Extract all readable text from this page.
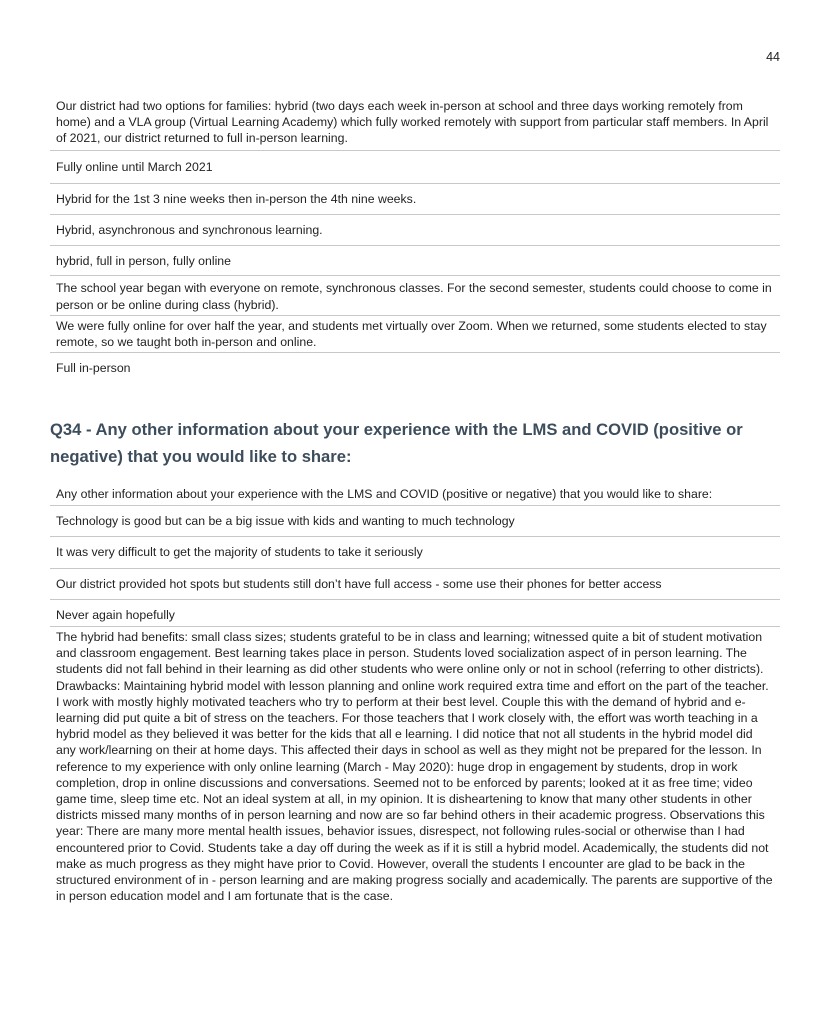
44
Our district had two options for families: hybrid (two days each week in-person at school and three days working remotely from home) and a VLA group (Virtual Learning Academy) which fully worked remotely with support from particular staff members. In April of 2021, our district returned to full in-person learning.
Fully online until March 2021
Hybrid for the 1st 3 nine weeks then in-person the 4th nine weeks.
Hybrid, asynchronous and synchronous learning.
hybrid, full in person, fully online
The school year began with everyone on remote, synchronous classes. For the second semester, students could choose to come in person or be online during class (hybrid).
We were fully online for over half the year, and students met virtually over Zoom. When we returned, some students elected to stay remote, so we taught both in-person and online.
Full in-person
Q34 - Any other information about your experience with the LMS and COVID (positive or negative) that you would like to share:
Any other information about your experience with the LMS and COVID (positive or negative) that you would like to share:
Technology is good but can be a big issue with kids and wanting to much technology
It was very difficult to get the majority of students to take it seriously
Our district provided hot spots but students still don’t have full access - some use their phones for better access
Never again hopefully
The hybrid had benefits: small class sizes; students grateful to be in class and learning; witnessed quite a bit of student motivation and classroom engagement. Best learning takes place in person. Students loved socialization aspect of in person learning. The students did not fall behind in their learning as did other students who were online only or not in school (referring to other districts). Drawbacks: Maintaining hybrid model with lesson planning and online work required extra time and effort on the part of the teacher. I work with mostly highly motivated teachers who try to perform at their best level. Couple this with the demand of hybrid and e-learning did put quite a bit of stress on the teachers. For those teachers that I work closely with, the effort was worth teaching in a hybrid model as they believed it was better for the kids that all e learning. I did notice that not all students in the hybrid model did any work/learning on their at home days. This affected their days in school as well as they might not be prepared for the lesson. In reference to my experience with only online learning (March - May 2020): huge drop in engagement by students, drop in work completion, drop in online discussions and conversations. Seemed not to be enforced by parents; looked at it as free time; video game time, sleep time etc. Not an ideal system at all, in my opinion. It is disheartening to know that many other students in other districts missed many months of in person learning and now are so far behind others in their academic progress. Observations this year: There are many more mental health issues, behavior issues, disrespect, not following rules-social or otherwise than I had encountered prior to Covid. Students take a day off during the week as if it is still a hybrid model. Academically, the students did not make as much progress as they might have prior to Covid. However, overall the students I encounter are glad to be back in the structured environment of in - person learning and are making progress socially and academically. The parents are supportive of the in person education model and I am fortunate that is the case.
